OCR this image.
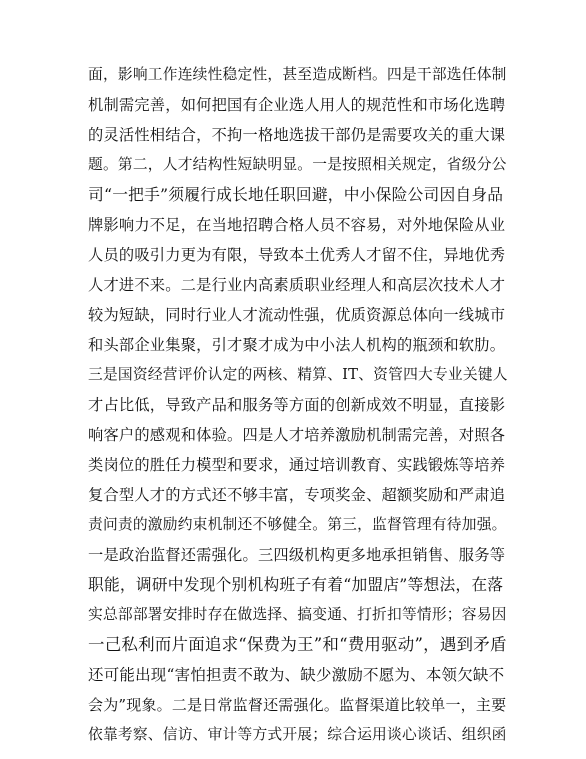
面，影响工作连续性稳定性，甚至造成断档。四是干部选任体制
机制需完善，如何把国有企业选人用人的规范性和市场化选聘
的灵活性相结合，不拘一格地选拔干部仍是需要攻关的重大课
题。第二，人才结构性短缺明显。一是按照相关规定，省级分公
司“一把手”须履行成长地任职回避，中小保险公司因自身品
牌影响力不足，在当地招聘合格人员不容易，对外地保险从业
人员的吸引力更为有限，导致本土优秀人才留不住，异地优秀
人才进不来。二是行业内高素质职业经理人和高层次技术人才
较为短缺，同时行业人才流动性强，优质资源总体向一线城市
和头部企业集聚，引才聚才成为中小法人机构的瓶颈和软肋。
三是国资经营评价认定的两核、精算、IT、资管四大专业关键人
才占比低，导致产品和服务等方面的创新成效不明显，直接影
响客户的感观和体验。四是人才培养激励机制需完善，对照各
类岗位的胜任力模型和要求，通过培训教育、实践锻炼等培养
复合型人才的方式还不够丰富，专项奖金、超额奖励和严肃追
责问责的激励约束机制还不够健全。第三，监督管理有待加强。
一是政治监督还需强化。三四级机构更多地承担销售、服务等
职能，调研中发现个别机构班子有着“加盟店”等想法，在落
实总部部署安排时存在做选择、搞变通、打折扣等情形；容易因
一己私利而片面追求“保费为王”和“费用驱动”，遇到矛盾
还可能出现“害怕担责不敢为、缺少激励不愿为、本领欠缺不
会为”现象。二是日常监督还需强化。监督渠道比较单一，主要
依靠考察、信访、审计等方式开展；综合运用谈心谈话、组织函
